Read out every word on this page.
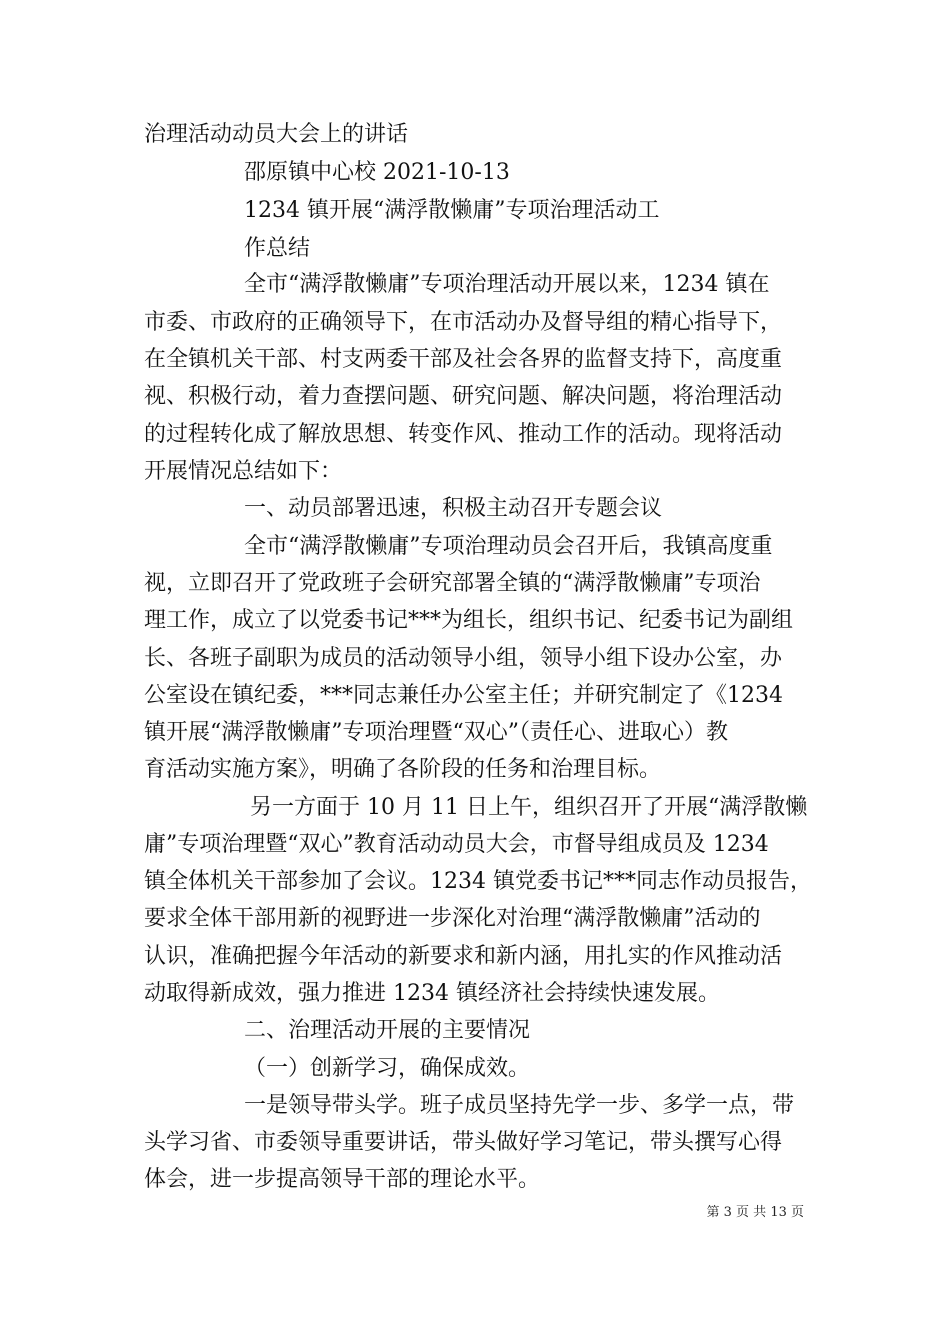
治理活动动员大会上的讲话
邵原镇中心校 2021-10-13
1234 镇开展“满浮散懒庸”专项治理活动工
作总结
全市“满浮散懒庸”专项治理活动开展以来，1234 镇在
市委、市政府的正确领导下，在市活动办及督导组的精心指导下，
在全镇机关干部、村支两委干部及社会各界的监督支持下，高度重
视、积极行动，着力查摆问题、研究问题、解决问题，将治理活动
的过程转化成了解放思想、转变作风、推动工作的活动。现将活动
开展情况总结如下：
一、动员部署迅速，积极主动召开专题会议
全市“满浮散懒庸”专项治理动员会召开后，我镇高度重
视，立即召开了党政班子会研究部署全镇的“满浮散懒庸”专项治
理工作，成立了以党委书记***为组长，组织书记、纪委书记为副组
长、各班子副职为成员的活动领导小组，领导小组下设办公室，办
公室设在镇纪委，***同志兼任办公室主任；并研究制定了《1234
镇开展“满浮散懒庸”专项治理暨“双心”（责任心、进取心）教
育活动实施方案》，明确了各阶段的任务和治理目标。
另一方面于 10 月 11 日上午，组织召开了开展“满浮散懒
庸”专项治理暨“双心”教育活动动员大会，市督导组成员及 1234
镇全体机关干部参加了会议。1234 镇党委书记***同志作动员报告，
要求全体干部用新的视野进一步深化对治理“满浮散懒庸”活动的
认识，准确把握今年活动的新要求和新内涵，用扎实的作风推动活
动取得新成效，强力推进 1234 镇经济社会持续快速发展。
二、治理活动开展的主要情况
（一）创新学习，确保成效。
一是领导带头学。班子成员坚持先学一步、多学一点，带
头学习省、市委领导重要讲话，带头做好学习笔记，带头撰写心得
体会，进一步提高领导干部的理论水平。
第 3 页 共 13 页
